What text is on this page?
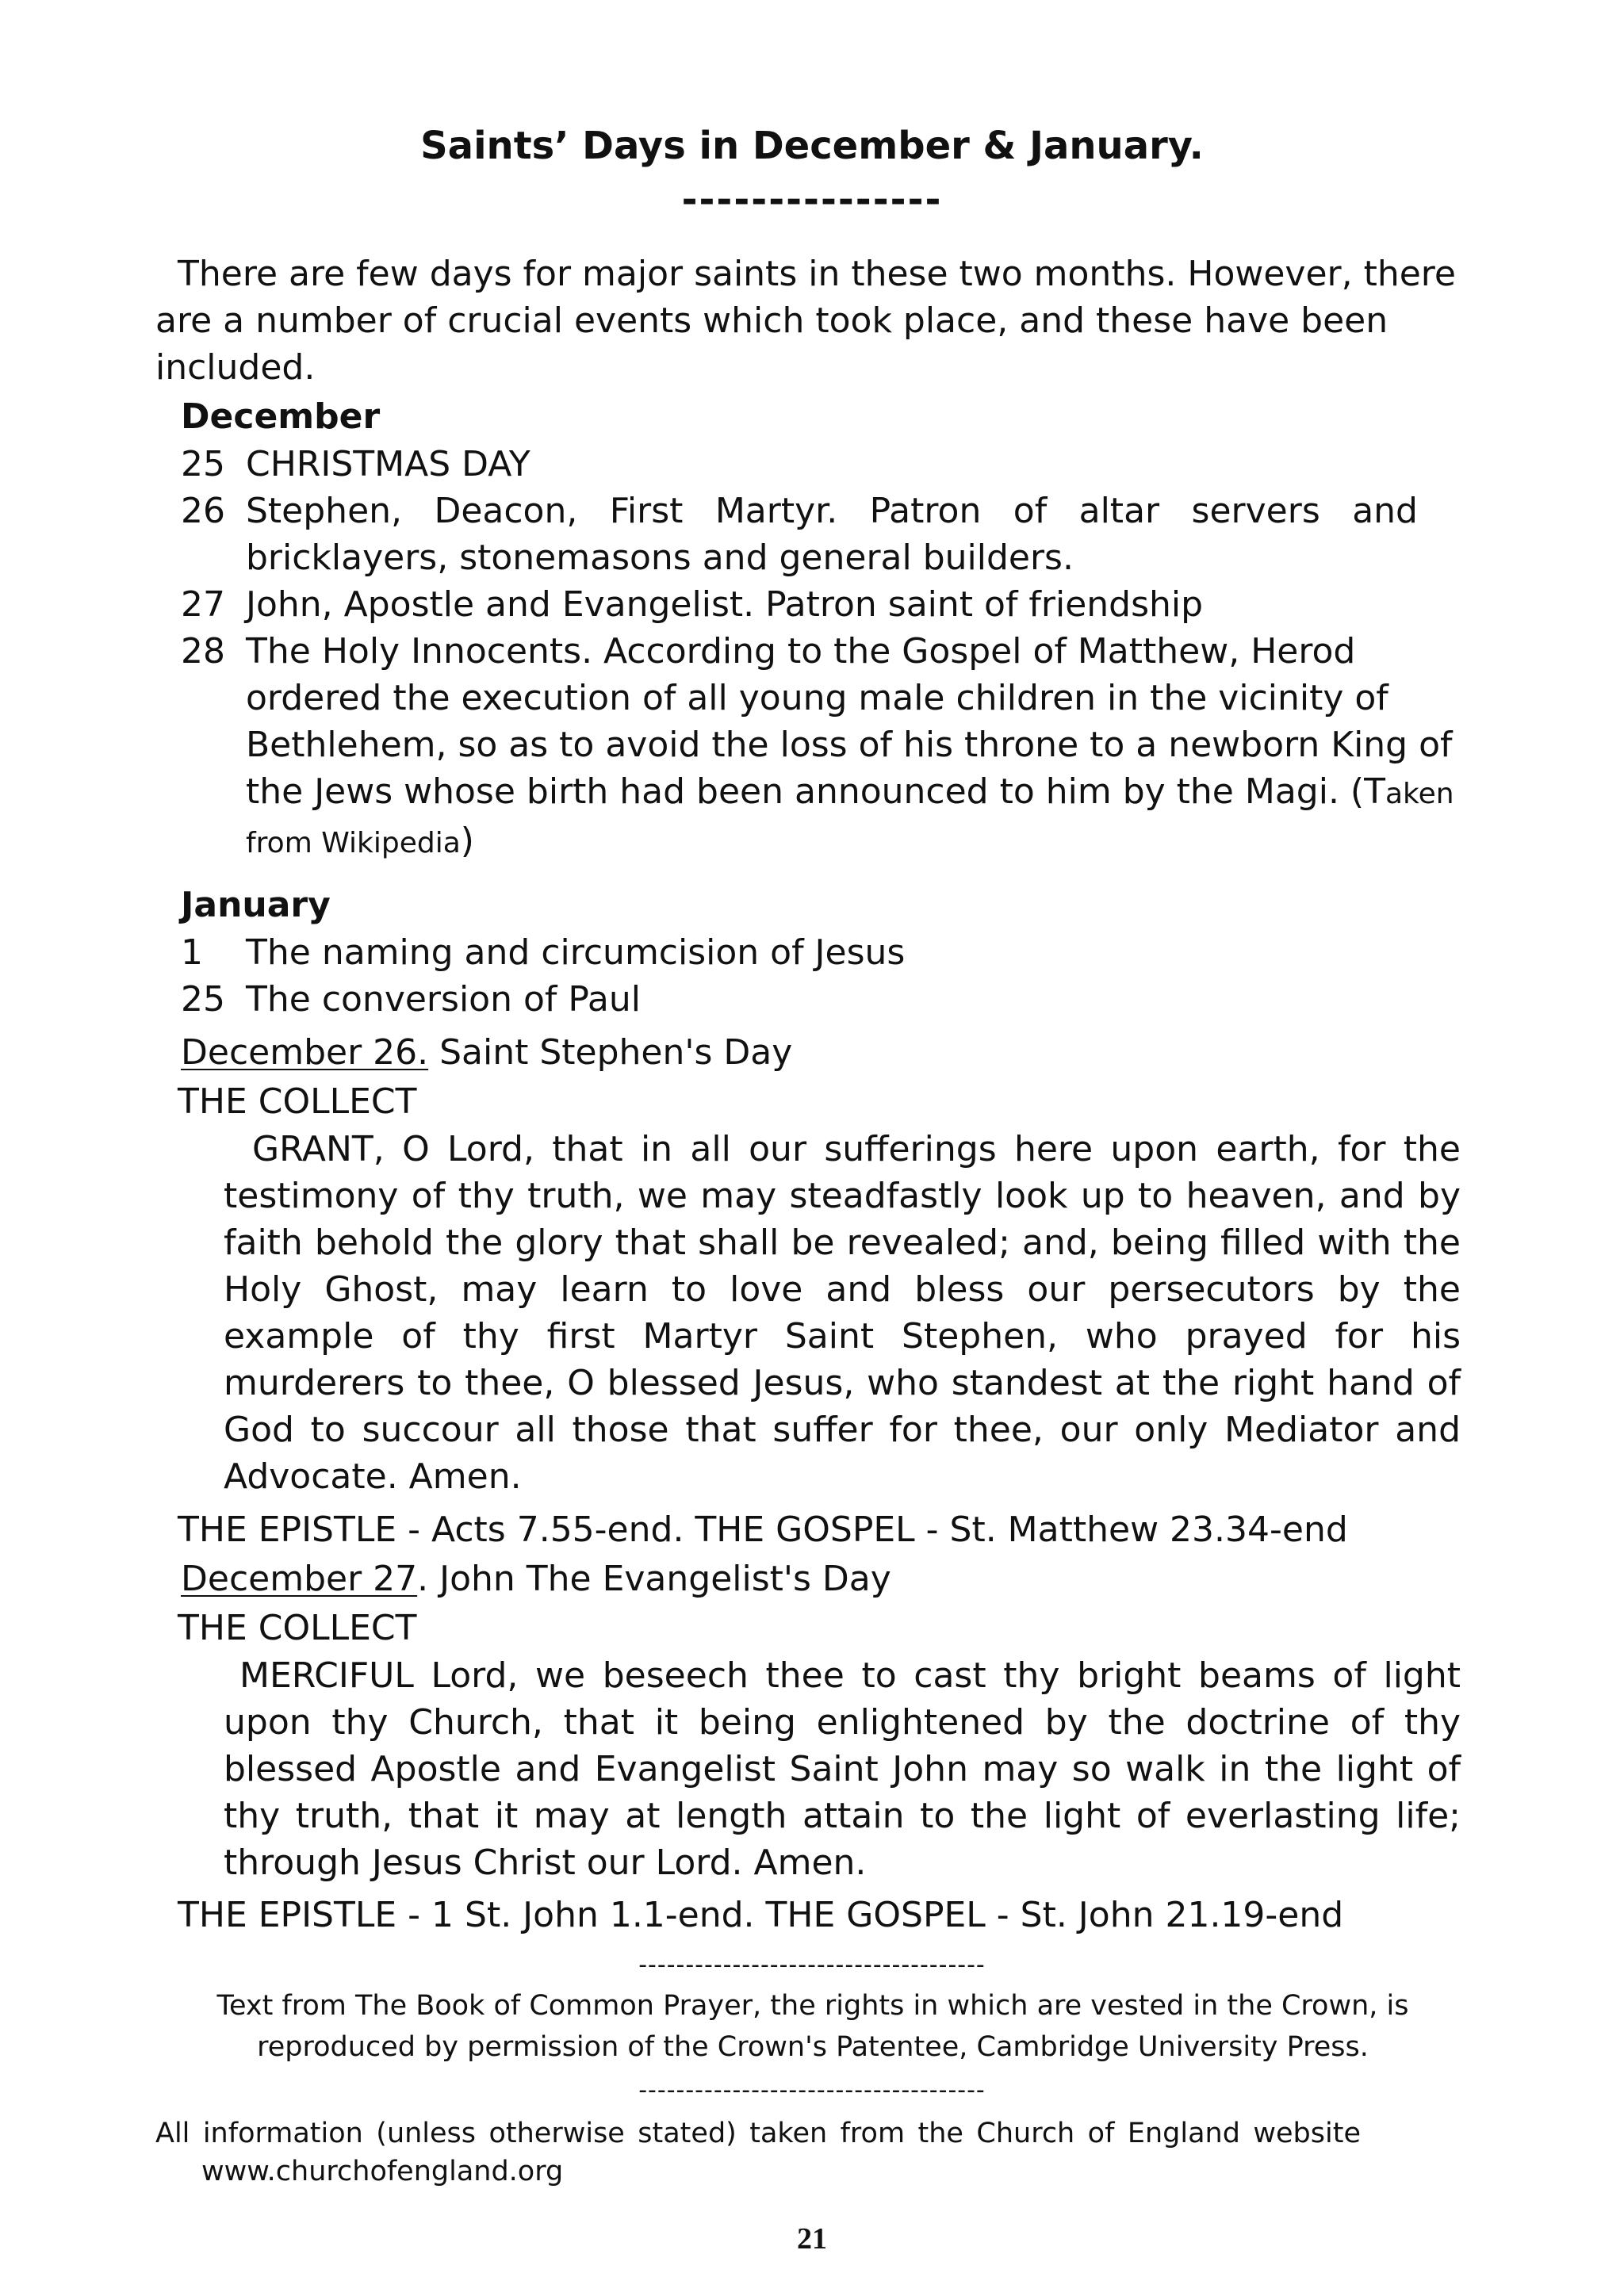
Saints’ Days in December & January.
---------------

There are few days for major saints in these two months. However, there are a number of crucial events which took place, and these have been included.

December
25 CHRISTMAS DAY
26 Stephen, Deacon, First Martyr. Patron of altar servers and bricklayers, stonemasons and general builders.
27 John, Apostle and Evangelist. Patron saint of friendship
28 The Holy Innocents. According to the Gospel of Matthew, Herod ordered the execution of all young male children in the vicinity of Bethlehem, so as to avoid the loss of his throne to a newborn King of the Jews whose birth had been announced to him by the Magi. (Taken from Wikipedia)
January
1 The naming and circumcision of Jesus
25 The conversion of Paul
December 26. Saint Stephen's Day
THE COLLECT

GRANT, O Lord, that in all our sufferings here upon earth, for the testimony of thy truth, we may steadfastly look up to heaven, and by faith behold the glory that shall be revealed; and, being filled with the Holy Ghost, may learn to love and bless our persecutors by the example of thy first Martyr Saint Stephen, who prayed for his murderers to thee, O blessed Jesus, who standest at the right hand of God to succour all those that suffer for thee, our only Mediator and Advocate. Amen.

THE EPISTLE - Acts 7.55-end. THE GOSPEL - St. Matthew 23.34-end
December 27. John The Evangelist's Day
THE COLLECT

MERCIFUL Lord, we beseech thee to cast thy bright beams of light upon thy Church, that it being enlightened by the doctrine of thy blessed Apostle and Evangelist Saint John may so walk in the light of thy truth, that it may at length attain to the light of everlasting life; through Jesus Christ our Lord. Amen.

THE EPISTLE - 1 St. John 1.1-end. THE GOSPEL - St. John 21.19-end
-------------------------------------

Text from The Book of Common Prayer, the rights in which are vested in the Crown, is reproduced by permission of the Crown's Patentee, Cambridge University Press.

-------------------------------------
All information (unless otherwise stated) taken from the Church of England website
www.churchofengland.org
21
